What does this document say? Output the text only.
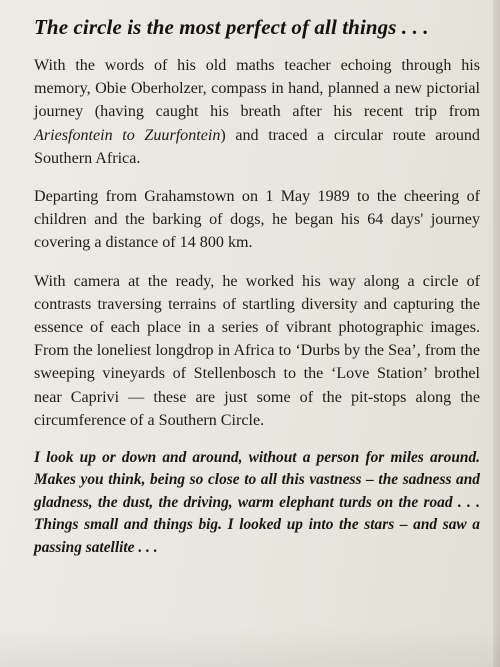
The circle is the most perfect of all things . . .

With the words of his old maths teacher echoing through his memory, Obie Oberholzer, compass in hand, planned a new pictorial journey (having caught his breath after his recent trip from Ariesfontein to Zuurfontein) and traced a circular route around Southern Africa.

Departing from Grahamstown on 1 May 1989 to the cheering of children and the barking of dogs, he began his 64 days' journey covering a distance of 14 800 km.

With camera at the ready, he worked his way along a circle of contrasts traversing terrains of startling diversity and capturing the essence of each place in a series of vibrant photographic images. From the loneliest longdrop in Africa to ‘Durbs by the Sea’, from the sweeping vineyards of Stellenbosch to the ‘Love Station’ brothel near Caprivi — these are just some of the pit-stops along the circumference of a Southern Circle.

I look up or down and around, without a person for miles around. Makes you think, being so close to all this vastness – the sadness and gladness, the dust, the driving, warm elephant turds on the road . . . Things small and things big. I looked up into the stars – and saw a passing satellite . . .
